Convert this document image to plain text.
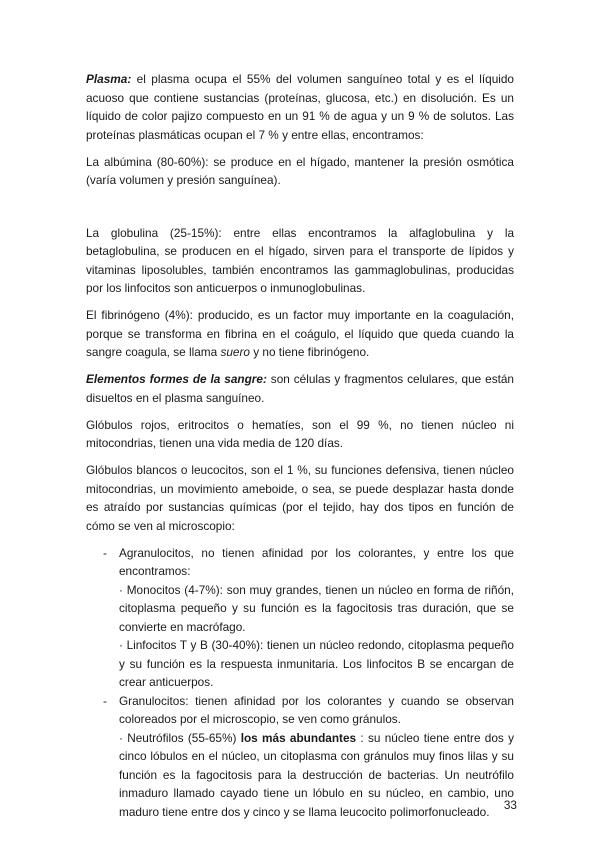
Plasma: el plasma ocupa el 55% del volumen sanguíneo total y es el líquido acuoso que contiene sustancias (proteínas, glucosa, etc.) en disolución. Es un líquido de color pajizo compuesto en un 91 % de agua y un 9 % de solutos. Las proteínas plasmáticas ocupan el 7 % y entre ellas, encontramos:

La albúmina (80-60%): se produce en el hígado, mantener la presión osmótica (varía volumen y presión sanguínea).

La globulina (25-15%): entre ellas encontramos la alfaglobulina y la betaglobulina, se producen en el hígado, sirven para el transporte de lípidos y vitaminas liposolubles, también encontramos las gammaglobulinas, producidas por los linfocitos son anticuerpos o inmunoglobulinas.

El fibrinógeno (4%): producido, es un factor muy importante en la coagulación, porque se transforma en fibrina en el coágulo, el líquido que queda cuando la sangre coagula, se llama suero y no tiene fibrinógeno.

Elementos formes de la sangre: son células y fragmentos celulares, que están disueltos en el plasma sanguíneo.

Glóbulos rojos, eritrocitos o hematíes, son el 99 %, no tienen núcleo ni mitocondrias, tienen una vida media de 120 días.

Glóbulos blancos o leucocitos, son el 1 %, su funciones defensiva, tienen núcleo mitocondrias, un movimiento ameboide, o sea, se puede desplazar hasta donde es atraído por sustancias químicas (por el tejido, hay dos tipos en función de cómo se ven al microscopio:

- Agranulocitos, no tienen afinidad por los colorantes, y entre los que encontramos:
· Monocitos (4-7%): son muy grandes, tienen un núcleo en forma de riñón, citoplasma pequeño y su función es la fagocitosis tras duración, que se convierte en macrófago.
· Linfocitos T y B (30-40%): tienen un núcleo redondo, citoplasma pequeño y su función es la respuesta inmunitaria. Los linfocitos B se encargan de crear anticuerpos.
- Granulocitos: tienen afinidad por los colorantes y cuando se observan coloreados por el microscopio, se ven como gránulos.
· Neutrófilos (55-65%) los más abundantes : su núcleo tiene entre dos y cinco lóbulos en el núcleo, un citoplasma con gránulos muy finos lilas y su función es la fagocitosis para la destrucción de bacterias. Un neutrófilo inmaduro llamado cayado tiene un lóbulo en su núcleo, en cambio, uno maduro tiene entre dos y cinco y se llama leucocito polimorfonucleado.	33
